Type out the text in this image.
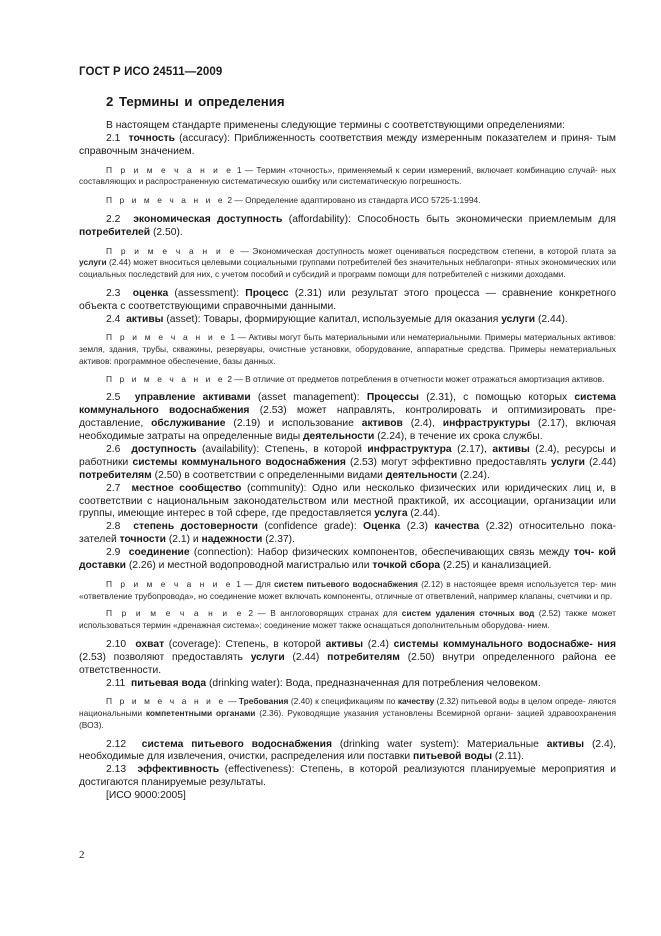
ГОСТ Р ИСО 24511—2009
2 Термины и определения

В настоящем стандарте применены следующие термины с соответствующими определениями:

2.1 точность (accuracy): Приближенность соответствия между измеренным показателем и приня- тым справочным значением.

П р и м е ч а н и е 1 — Термин «точность», применяемый к серии измерений, включает комбинацию случай- ных составляющих и распространенную систематическую ошибку или систематическую погрешность.

П р и м е ч а н и е 2 — Определение адаптировано из стандарта ИСО 5725-1:1994.

2.2 экономическая доступность (affordability): Способность быть экономически приемлемым для потребителей (2.50).

П р и м е ч а н и е — Экономическая доступность может оцениваться посредством степени, в которой плата за услуги (2.44) может вноситься целевыми социальными группами потребителей без значительных неблагопри- ятных экономических или социальных последствий для них, с учетом пособий и субсидий и программ помощи для потребителей с низкими доходами.

2.3 оценка (assessment): Процесс (2.31) или результат этого процесса — сравнение конкретного объекта с соответствующими справочными данными.

2.4 активы (asset): Товары, формирующие капитал, используемые для оказания услуги (2.44).

П р и м е ч а н и е 1 — Активы могут быть материальными или нематериальными. Примеры материальных активов: земля, здания, трубы, скважины, резервуары, очистные установки, оборудование, аппаратные средства. Примеры нематериальных активов: программное обеспечение, базы данных.

П р и м е ч а н и е 2 — В отличие от предметов потребления в отчетности может отражаться амортизация активов.

2.5 управление активами (asset management): Процессы (2.31), с помощью которых система коммунального водоснабжения (2.53) может направлять, контролировать и оптимизировать пре- доставление, обслуживание (2.19) и использование активов (2.4), инфраструктуры (2.17), включая необходимые затраты на определенные виды деятельности (2.24), в течение их срока службы.

2.6 доступность (availability): Степень, в которой инфраструктура (2.17), активы (2.4), ресурсы и работники системы коммунального водоснабжения (2.53) могут эффективно предоставлять услуги (2.44) потребителям (2.50) в соответствии с определенными видами деятельности (2.24).

2.7 местное сообщество (community): Одно или несколько физических или юридических лиц и, в соответствии с национальным законодательством или местной практикой, их ассоциации, организации или группы, имеющие интерес в той сфере, где предоставляется услуга (2.44).

2.8 степень достоверности (confidence grade): Оценка (2.3) качества (2.32) относительно пока- зателей точности (2.1) и надежности (2.37).

2.9 соединение (connection): Набор физических компонентов, обеспечивающих связь между точ- кой доставки (2.26) и местной водопроводной магистралью или точкой сбора (2.25) и канализацией.

П р и м е ч а н и е 1 — Для систем питьевого водоснабжения (2.12) в настоящее время используется тер- мин «ответвление трубопровода», но соединение может включать компоненты, отличные от ответвлений, например клапаны, счетчики и пр.

П р и м е ч а н и е 2 — В англоговорящих странах для систем удаления сточных вод (2.52) также может использоваться термин «дренажная система»; соединение может также оснащаться дополнительным оборудова- нием.

2.10 охват (coverage): Степень, в которой активы (2.4) системы коммунального водоснабже- ния (2.53) позволяют предоставлять услуги (2.44) потребителям (2.50) внутри определенного района ее ответственности.

2.11 питьевая вода (drinking water): Вода, предназначенная для потребления человеком.

П р и м е ч а н и е — Требования (2.40) к спецификациям по качеству (2.32) питьевой воды в целом опреде- ляются национальными компетентными органами (2.36). Руководящие указания установлены Всемирной органи- зацией здравоохранения (ВОЗ).

2.12 система питьевого водоснабжения (drinking water system): Материальные активы (2.4), необходимые для извлечения, очистки, распределения или поставки питьевой воды (2.11).

2.13 эффективность (effectiveness): Степень, в которой реализуются планируемые мероприятия и достигаются планируемые результаты.

[ИСО 9000:2005]

2
